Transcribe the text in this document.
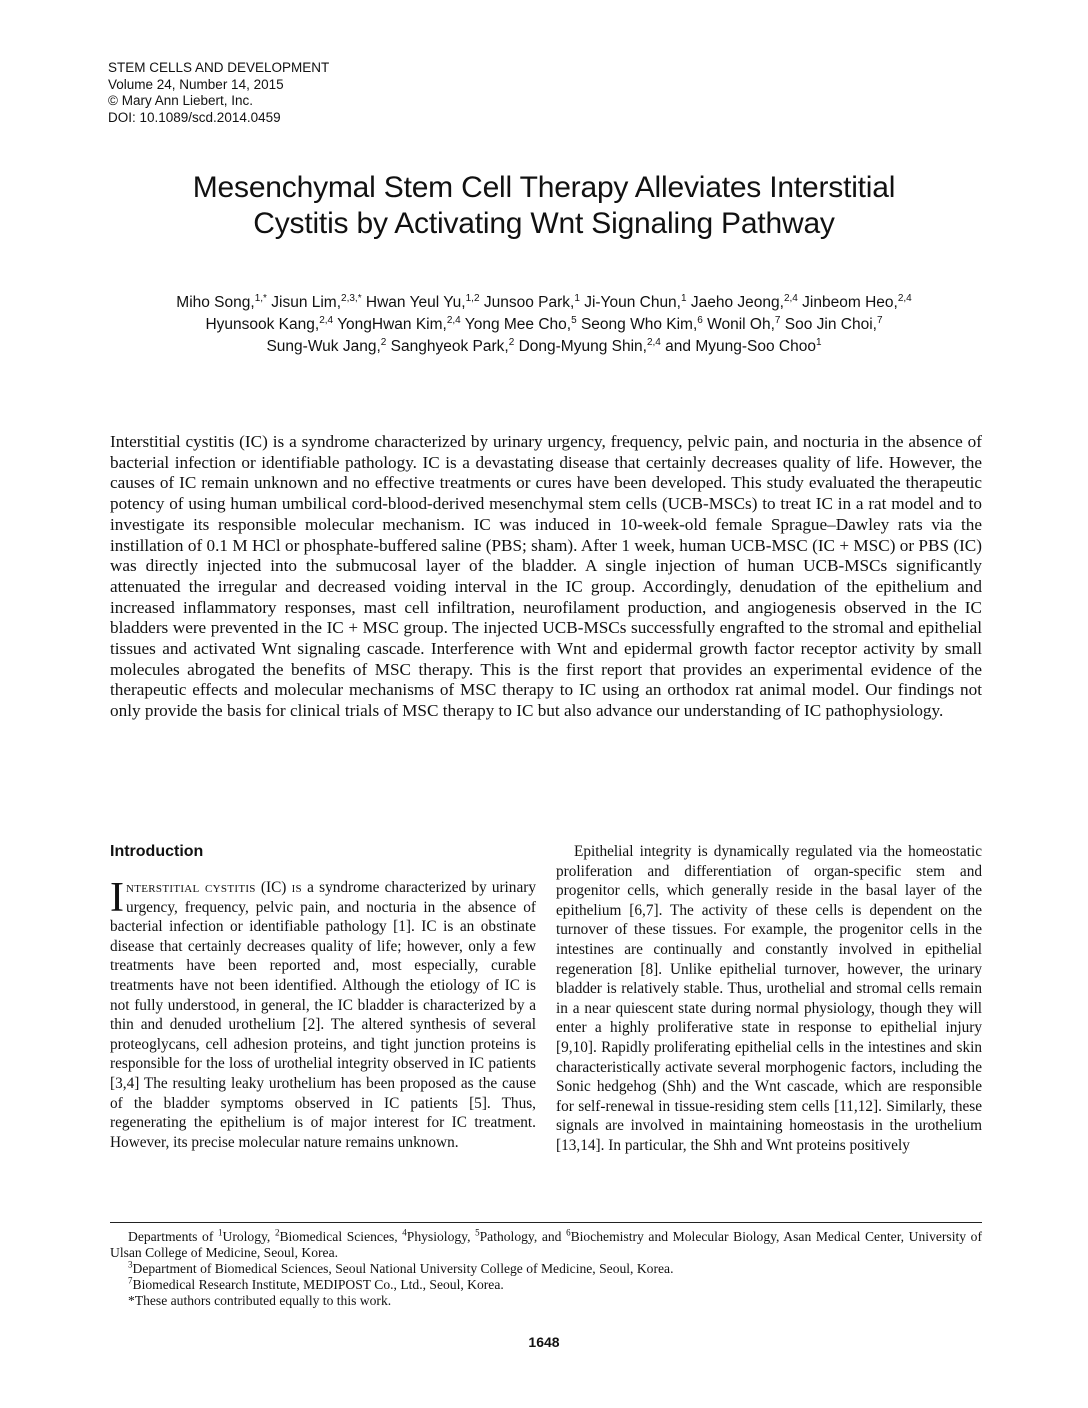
STEM CELLS AND DEVELOPMENT
Volume 24, Number 14, 2015
© Mary Ann Liebert, Inc.
DOI: 10.1089/scd.2014.0459
Mesenchymal Stem Cell Therapy Alleviates Interstitial
Cystitis by Activating Wnt Signaling Pathway
Miho Song,$^{1,*}$ Jisun Lim,$^{2,3,*}$ Hwan Yeul Yu,$^{1,2}$ Junsoo Park,$^1$ Ji-Youn Chun,$^1$ Jaeho Jeong,$^{2,4}$ Jinbeom Heo,$^{2,4}$
Hyunsook Kang,$^{2,4}$ YongHwan Kim,$^{2,4}$ Yong Mee Cho,$^5$ Seong Who Kim,$^6$ Wonil Oh,$^7$ Soo Jin Choi,$^7$
Sung-Wuk Jang,$^2$ Sanghyeok Park,$^2$ Dong-Myung Shin,$^{2,4}$ and Myung-Soo Choo$^1$

Interstitial cystitis (IC) is a syndrome characterized by urinary urgency, frequency, pelvic pain, and nocturia in the absence of bacterial infection or identifiable pathology. IC is a devastating disease that certainly decreases quality of life. However, the causes of IC remain unknown and no effective treatments or cures have been developed. This study evaluated the therapeutic potency of using human umbilical cord-blood-derived mesenchymal stem cells (UCB-MSCs) to treat IC in a rat model and to investigate its responsible molecular mechanism. IC was induced in 10-week-old female Sprague–Dawley rats via the instillation of 0.1 M HCl or phosphate-buffered saline (PBS; sham). After 1 week, human UCB-MSC (IC + MSC) or PBS (IC) was directly injected into the submucosal layer of the bladder. A single injection of human UCB-MSCs significantly attenuated the irregular and decreased voiding interval in the IC group. Accordingly, denudation of the epithelium and increased inflammatory responses, mast cell infiltration, neurofilament production, and angiogenesis observed in the IC bladders were prevented in the IC + MSC group. The injected UCB-MSCs successfully engrafted to the stromal and epithelial tissues and activated Wnt signaling cascade. Interference with Wnt and epidermal growth factor receptor activity by small molecules abrogated the benefits of MSC therapy. This is the first report that provides an experimental evidence of the therapeutic effects and molecular mechanisms of MSC therapy to IC using an orthodox rat animal model. Our findings not only provide the basis for clinical trials of MSC therapy to IC but also advance our understanding of IC pathophysiology.

Introduction

Interstitial cystitis (IC) is a syndrome characterized by urinary urgency, frequency, pelvic pain, and nocturia in the absence of bacterial infection or identifiable pathology [1]. IC is an obstinate disease that certainly decreases quality of life; however, only a few treatments have been reported and, most especially, curable treatments have not been identified. Although the etiology of IC is not fully understood, in general, the IC bladder is characterized by a thin and denuded urothelium [2]. The altered synthesis of several proteoglycans, cell adhesion proteins, and tight junction proteins is responsible for the loss of urothelial integrity observed in IC patients [3,4] The resulting leaky urothelium has been proposed as the cause of the bladder symptoms observed in IC patients [5]. Thus, regenerating the epithelium is of major interest for IC treatment. However, its precise molecular nature remains unknown.

Epithelial integrity is dynamically regulated via the homeostatic proliferation and differentiation of organ-specific stem and progenitor cells, which generally reside in the basal layer of the epithelium [6,7]. The activity of these cells is dependent on the turnover of these tissues. For example, the progenitor cells in the intestines are continually and constantly involved in epithelial regeneration [8]. Unlike epithelial turnover, however, the urinary bladder is relatively stable. Thus, urothelial and stromal cells remain in a near quiescent state during normal physiology, though they will enter a highly proliferative state in response to epithelial injury [9,10]. Rapidly proliferating epithelial cells in the intestines and skin characteristically activate several morphogenic factors, including the Sonic hedgehog (Shh) and the Wnt cascade, which are responsible for self-renewal in tissue-residing stem cells [11,12]. Similarly, these signals are involved in maintaining homeostasis in the urothelium [13,14]. In particular, the Shh and Wnt proteins positively

Departments of $^1$Urology, $^2$Biomedical Sciences, $^4$Physiology, $^5$Pathology, and $^6$Biochemistry and Molecular Biology, Asan Medical Center, University of Ulsan College of Medicine, Seoul, Korea.
$^3$Department of Biomedical Sciences, Seoul National University College of Medicine, Seoul, Korea.
$^7$Biomedical Research Institute, MEDIPOST Co., Ltd., Seoul, Korea.
*These authors contributed equally to this work.
1648
